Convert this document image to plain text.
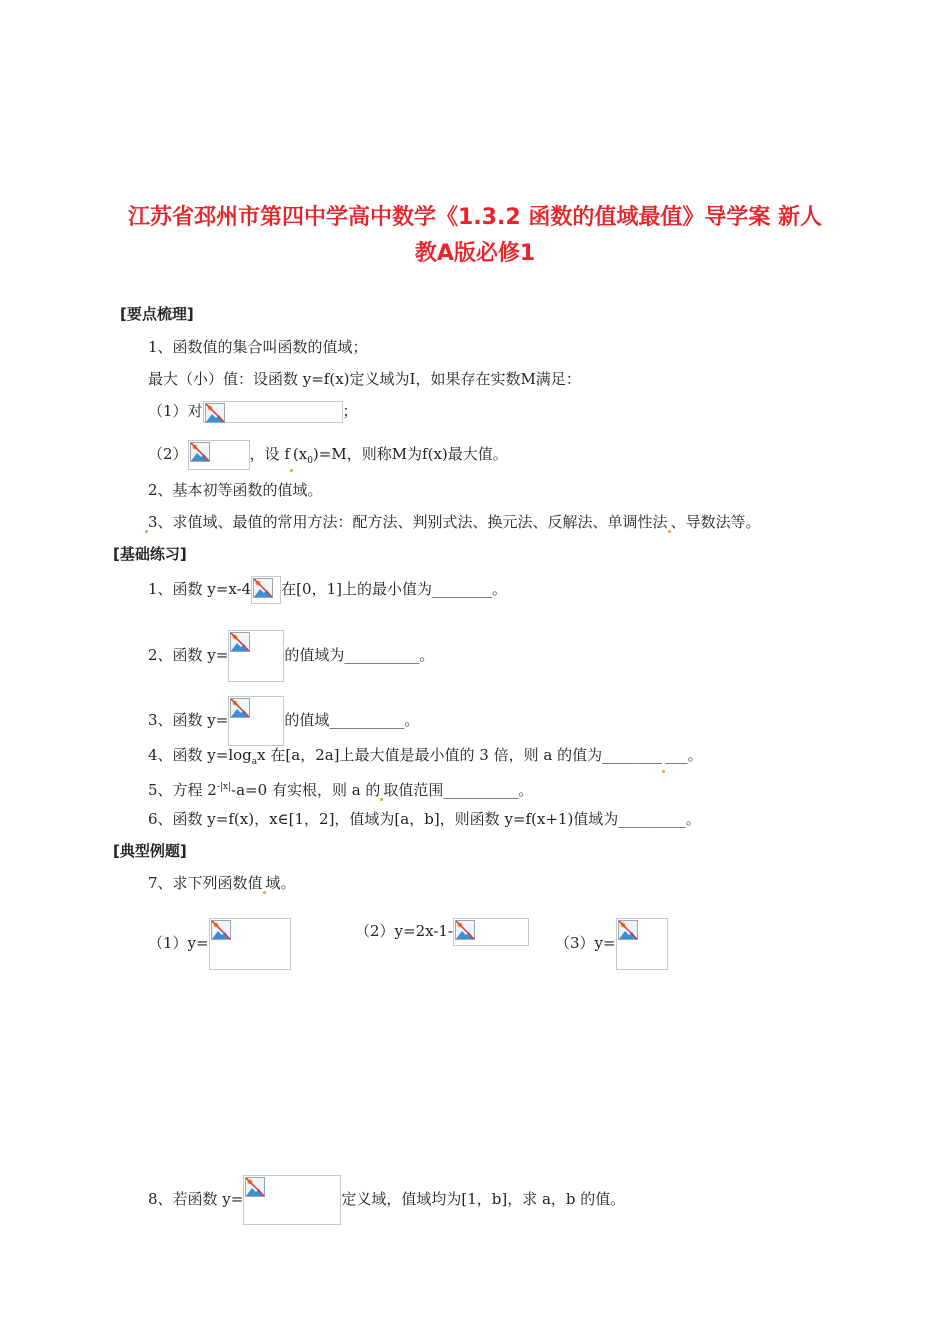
江苏省邳州市第四中学高中数学《1.3.2 函数的值域最值》导学案 新人
教A版必修1
[要点梳理]
1、函数值的集合叫函数的值域；
最大（小）值：设函数 y=f(x)定义域为I，如果存在实数M满足：
（1）对	；
（2）	，设 f $(x_0)=M$，则称M为f(x)最大值。
2、基本初等函数的值域。
3、求值域、最值的常用方法：配方法、判别式法、换元法、反解法、单调性法 、导数法等。
[基础练习]
1、函数 y=x-4 在[0，1]上的最小值为________。
2、函数 y=	的值域为__________。
3、函数 y=	的值域__________。
4、函数 $y=\log_ax$ 在[a，2a]上最大值是最小值的 3 倍，则 a 的值为________ ___。
5、方程 $2^{-|x|}-a=0$ 有实根，则 a 的 取值范围__________。
6、函数 y=f(x)，x∈[1，2]，值域为[a，b]，则函数 y=f(x+1)值域为_________。
[典型例题]
7、求下列函数值 域。
（1）y=
（2）y=2x-1-
（3）y=
8、若函数 y=	定义域，值域均为[1，b]，求 a，b 的值。
